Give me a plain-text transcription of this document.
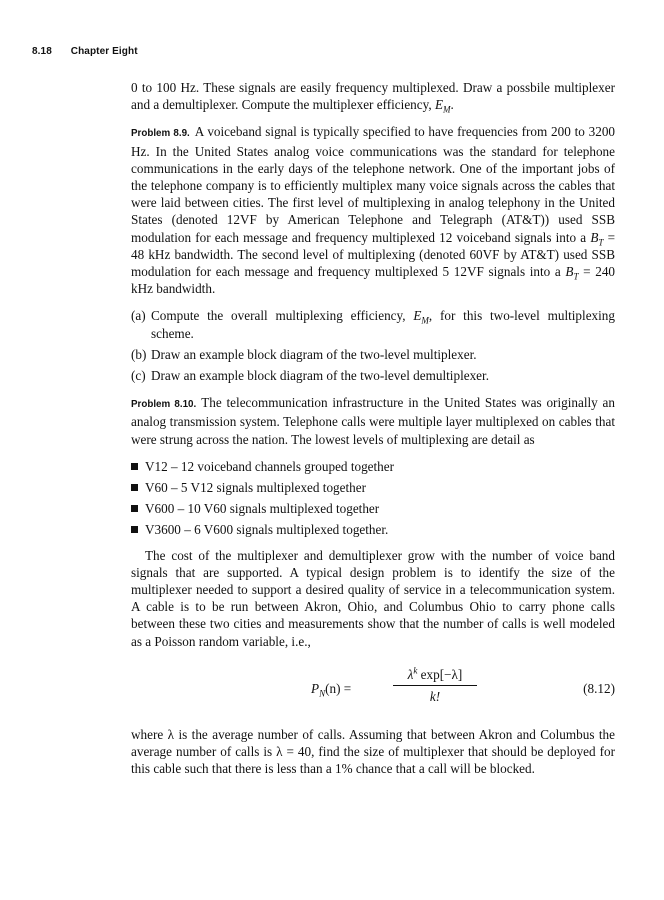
8.18 Chapter Eight

0 to 100 Hz. These signals are easily frequency multiplexed. Draw a possbile multiplexer and a demultiplexer. Compute the multiplexer efficiency, $E_M$.

Problem 8.9. A voiceband signal is typically specified to have frequencies from 200 to 3200 Hz. In the United States analog voice communications was the standard for telephone communications in the early days of the telephone network. One of the important jobs of the telephone company is to efficiently multiplex many voice signals across the cables that were laid between cities. The first level of multiplexing in analog telephony in the United States (denoted 12VF by American Telephone and Telegraph (AT&T)) used SSB modulation for each message and frequency multiplexed 12 voiceband signals into a $B_T = 48$ kHz bandwidth. The second level of multiplexing (denoted 60VF by AT&T) used SSB modulation for each message and frequency multiplexed 5 12VF signals into a $B_T = 240$ kHz bandwidth.

(a) Compute the overall multiplexing efficiency, $E_M$, for this two-level multiplexing scheme.
(b) Draw an example block diagram of the two-level multiplexer.
(c) Draw an example block diagram of the two-level demultiplexer.

Problem 8.10. The telecommunication infrastructure in the United States was originally an analog transmission system. Telephone calls were multiple layer multiplexed on cables that were strung across the nation. The lowest levels of multiplexing are detail as

V12 – 12 voiceband channels grouped together
V60 – 5 V12 signals multiplexed together
V600 – 10 V60 signals multiplexed together
V3600 – 6 V600 signals multiplexed together.

The cost of the multiplexer and demultiplexer grow with the number of voice band signals that are supported. A typical design problem is to identify the size of the multiplexer needed to support a desired quality of service in a telecommunication system. A cable is to be run between Akron, Ohio, and Columbus Ohio to carry phone calls between these two cities and measurements show that the number of calls is well modeled as a Poisson random variable, i.e.,

$P_N(n)$ =
$\lambda^k$ exp[−λ]
k!
(8.12)

where λ is the average number of calls. Assuming that between Akron and Columbus the average number of calls is λ = 40, find the size of multiplexer that should be deployed for this cable such that there is less than a 1% chance that a call will be blocked.
